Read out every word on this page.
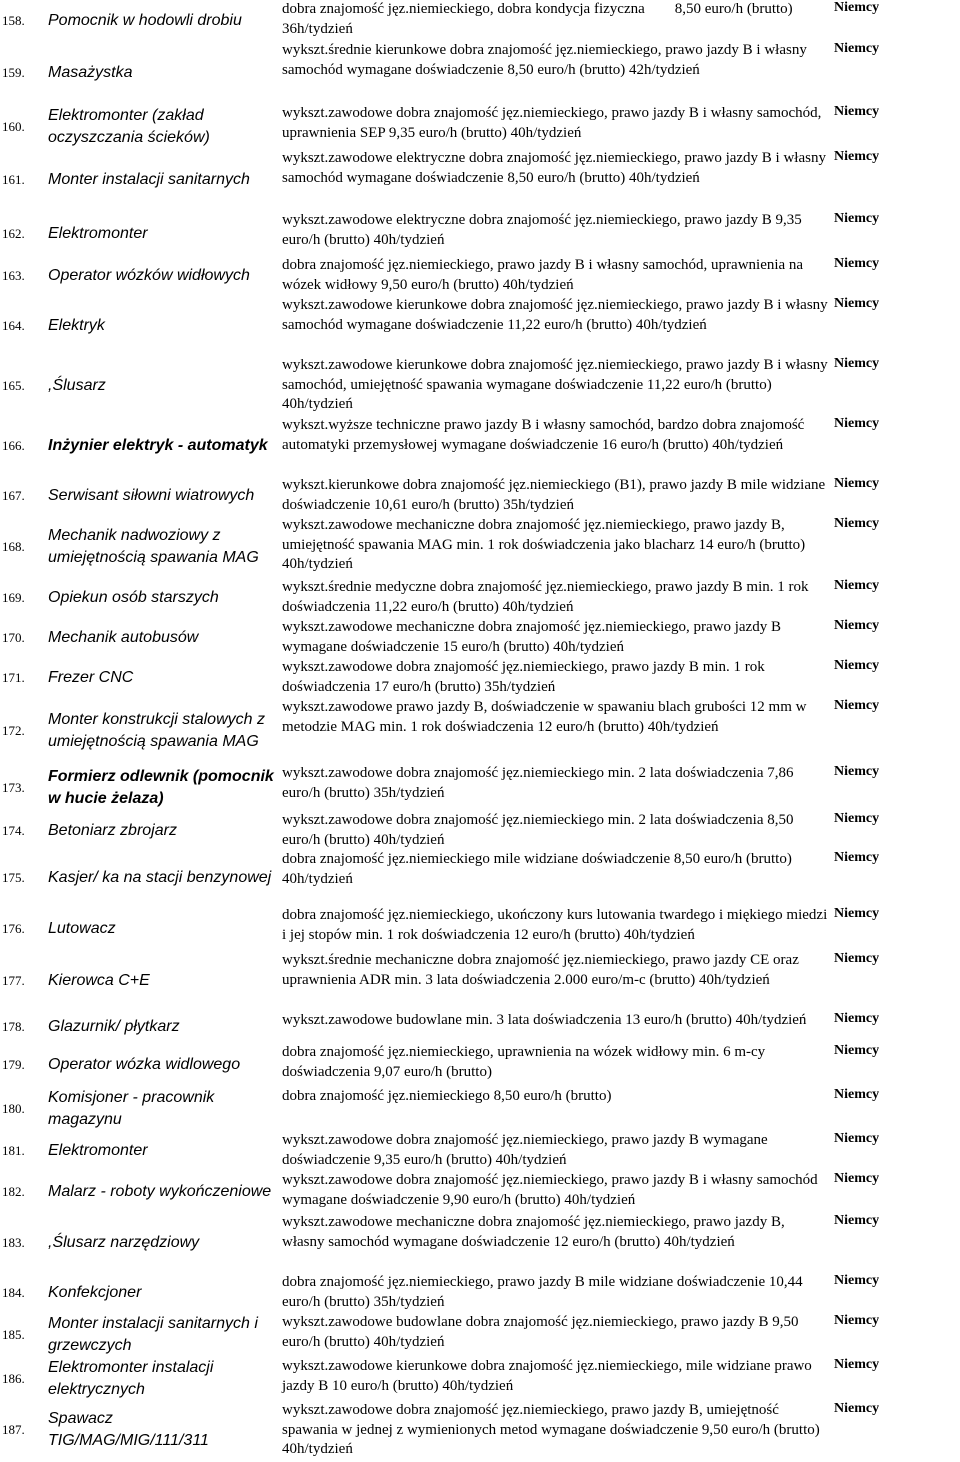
158.	Pomocnik w hodowli drobiu	dobra znajomość jęz.niemieckiego, dobra kondycja fizyczna  8,50 euro/h (brutto) 36h/tydzień	Niemcy
159.	Masażystka	wykszt.średnie kierunkowe dobra znajomość jęz.niemieckiego, prawo jazdy B i własny samochód wymagane doświadczenie 8,50 euro/h (brutto) 42h/tydzień	Niemcy
160.	Elektromonter (zakład oczyszczania ścieków)	wykszt.zawodowe dobra znajomość jęz.niemieckiego, prawo jazdy B i własny samochód, uprawnienia SEP 9,35 euro/h (brutto) 40h/tydzień	Niemcy
161.	Monter instalacji sanitarnych	wykszt.zawodowe elektryczne dobra znajomość jęz.niemieckiego, prawo jazdy B i własny samochód wymagane doświadczenie 8,50 euro/h (brutto) 40h/tydzień	Niemcy
162.	Elektromonter	wykszt.zawodowe elektryczne dobra znajomość jęz.niemieckiego, prawo jazdy B 9,35 euro/h (brutto) 40h/tydzień	Niemcy
163.	Operator wózków widłowych	dobra znajomość jęz.niemieckiego, prawo jazdy B i własny samochód, uprawnienia na wózek widłowy 9,50 euro/h (brutto) 40h/tydzień	Niemcy
164.	Elektryk	wykszt.zawodowe kierunkowe dobra znajomość jęz.niemieckiego, prawo jazdy B i własny samochód wymagane doświadczenie 11,22 euro/h (brutto) 40h/tydzień	Niemcy
165.	,Ślusarz	wykszt.zawodowe kierunkowe dobra znajomość jęz.niemieckiego, prawo jazdy B i własny samochód, umiejętność spawania wymagane doświadczenie 11,22 euro/h (brutto) 40h/tydzień	Niemcy
166.	Inżynier elektryk - automatyk	wykszt.wyższe techniczne prawo jazdy B i własny samochód, bardzo dobra znajomość automatyki przemysłowej wymagane doświadczenie 16 euro/h (brutto) 40h/tydzień	Niemcy
167.	Serwisant siłowni wiatrowych	wykszt.kierunkowe dobra znajomość jęz.niemieckiego (B1), prawo jazdy B mile widziane doświadczenie 10,61 euro/h (brutto) 35h/tydzień	Niemcy
168.	Mechanik nadwoziowy z umiejętnością spawania MAG	wykszt.zawodowe mechaniczne dobra znajomość jęz.niemieckiego, prawo jazdy B, umiejętność spawania MAG min. 1 rok doświadczenia jako blacharz 14 euro/h (brutto) 40h/tydzień	Niemcy
169.	Opiekun osób starszych	wykszt.średnie medyczne dobra znajomość jęz.niemieckiego, prawo jazdy B min. 1 rok doświadczenia 11,22 euro/h (brutto) 40h/tydzień	Niemcy
170.	Mechanik autobusów	wykszt.zawodowe mechaniczne dobra znajomość jęz.niemieckiego, prawo jazdy B wymagane doświadczenie 15 euro/h (brutto) 40h/tydzień	Niemcy
171.	Frezer CNC	wykszt.zawodowe dobra znajomość jęz.niemieckiego, prawo jazdy B min. 1 rok doświadczenia 17 euro/h (brutto) 35h/tydzień	Niemcy
172.	Monter konstrukcji stalowych z umiejętnością spawania MAG	wykszt.zawodowe prawo jazdy B, doświadczenie w spawaniu blach grubości 12 mm w metodzie MAG min. 1 rok doświadczenia 12 euro/h (brutto) 40h/tydzień	Niemcy
173.	Formierz odlewnik (pomocnik w hucie żelaza)	wykszt.zawodowe dobra znajomość jęz.niemieckiego min. 2 lata doświadczenia 7,86 euro/h (brutto) 35h/tydzień	Niemcy
174.	Betoniarz zbrojarz	wykszt.zawodowe dobra znajomość jęz.niemieckiego min. 2 lata doświadczenia 8,50 euro/h (brutto) 40h/tydzień	Niemcy
175.	Kasjer/ ka na stacji benzynowej	dobra znajomość jęz.niemieckiego mile widziane doświadczenie 8,50 euro/h (brutto) 40h/tydzień	Niemcy
176.	Lutowacz	dobra znajomość jęz.niemieckiego, ukończony kurs lutowania twardego i miękiego miedzi i jej stopów min. 1 rok doświadczenia 12 euro/h (brutto) 40h/tydzień	Niemcy
177.	Kierowca C+E	wykszt.średnie mechaniczne dobra znajomość jęz.niemieckiego, prawo jazdy CE oraz uprawnienia ADR min. 3 lata doświadczenia 2.000 euro/m-c (brutto) 40h/tydzień	Niemcy
178.	Glazurnik/ płytkarz	wykszt.zawodowe budowlane min. 3 lata doświadczenia 13 euro/h (brutto) 40h/tydzień	Niemcy
179.	Operator wózka widlowego	dobra znajomość jęz.niemieckiego, uprawnienia na wózek widłowy min. 6 m-cy doświadczenia 9,07 euro/h (brutto)	Niemcy
180.	Komisjoner - pracownik magazynu	dobra znajomość jęz.niemieckiego 8,50 euro/h (brutto)	Niemcy
181.	Elektromonter	wykszt.zawodowe dobra znajomość jęz.niemieckiego, prawo jazdy B wymagane doświadczenie 9,35 euro/h (brutto) 40h/tydzień	Niemcy
182.	Malarz - roboty wykończeniowe	wykszt.zawodowe dobra znajomość jęz.niemieckiego, prawo jazdy B i własny samochód wymagane doświadczenie 9,90 euro/h (brutto) 40h/tydzień	Niemcy
183.	,Ślusarz narzędziowy	wykszt.zawodowe mechaniczne dobra znajomość jęz.niemieckiego, prawo jazdy B, własny samochód wymagane doświadczenie 12 euro/h (brutto) 40h/tydzień	Niemcy
184.	Konfekcjoner	dobra znajomość jęz.niemieckiego, prawo jazdy B mile widziane doświadczenie 10,44 euro/h (brutto) 35h/tydzień	Niemcy
185.	Monter instalacji sanitarnych i grzewczych	wykszt.zawodowe budowlane dobra znajomość jęz.niemieckiego, prawo jazdy B 9,50 euro/h (brutto) 40h/tydzień	Niemcy
186.	Elektromonter instalacji elektrycznych	wykszt.zawodowe kierunkowe dobra znajomość jęz.niemieckiego, mile widziane prawo jazdy B 10 euro/h (brutto) 40h/tydzień	Niemcy
187.	Spawacz TIG/MAG/MIG/111/311	wykszt.zawodowe dobra znajomość jęz.niemieckiego, prawo jazdy B, umiejętność spawania w jednej z wymienionych metod wymagane doświadczenie 9,50 euro/h (brutto) 40h/tydzień	Niemcy
